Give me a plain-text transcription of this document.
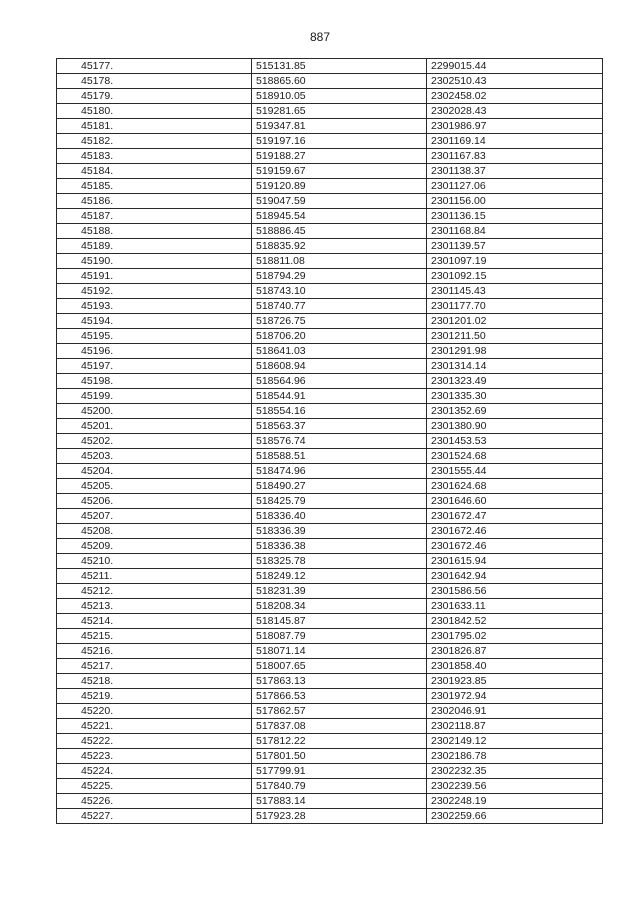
887
45177.	515131.85	2299015.44
45178.	518865.60	2302510.43
45179.	518910.05	2302458.02
45180.	519281.65	2302028.43
45181.	519347.81	2301986.97
45182.	519197.16	2301169.14
45183.	519188.27	2301167.83
45184.	519159.67	2301138.37
45185.	519120.89	2301127.06
45186.	519047.59	2301156.00
45187.	518945.54	2301136.15
45188.	518886.45	2301168.84
45189.	518835.92	2301139.57
45190.	518811.08	2301097.19
45191.	518794.29	2301092.15
45192.	518743.10	2301145.43
45193.	518740.77	2301177.70
45194.	518726.75	2301201.02
45195.	518706.20	2301211.50
45196.	518641.03	2301291.98
45197.	518608.94	2301314.14
45198.	518564.96	2301323.49
45199.	518544.91	2301335.30
45200.	518554.16	2301352.69
45201.	518563.37	2301380.90
45202.	518576.74	2301453.53
45203.	518588.51	2301524.68
45204.	518474.96	2301555.44
45205.	518490.27	2301624.68
45206.	518425.79	2301646.60
45207.	518336.40	2301672.47
45208.	518336.39	2301672.46
45209.	518336.38	2301672.46
45210.	518325.78	2301615.94
45211.	518249.12	2301642.94
45212.	518231.39	2301586.56
45213.	518208.34	2301633.11
45214.	518145.87	2301842.52
45215.	518087.79	2301795.02
45216.	518071.14	2301826.87
45217.	518007.65	2301858.40
45218.	517863.13	2301923.85
45219.	517866.53	2301972.94
45220.	517862.57	2302046.91
45221.	517837.08	2302118.87
45222.	517812.22	2302149.12
45223.	517801.50	2302186.78
45224.	517799.91	2302232.35
45225.	517840.79	2302239.56
45226.	517883.14	2302248.19
45227.	517923.28	2302259.66
